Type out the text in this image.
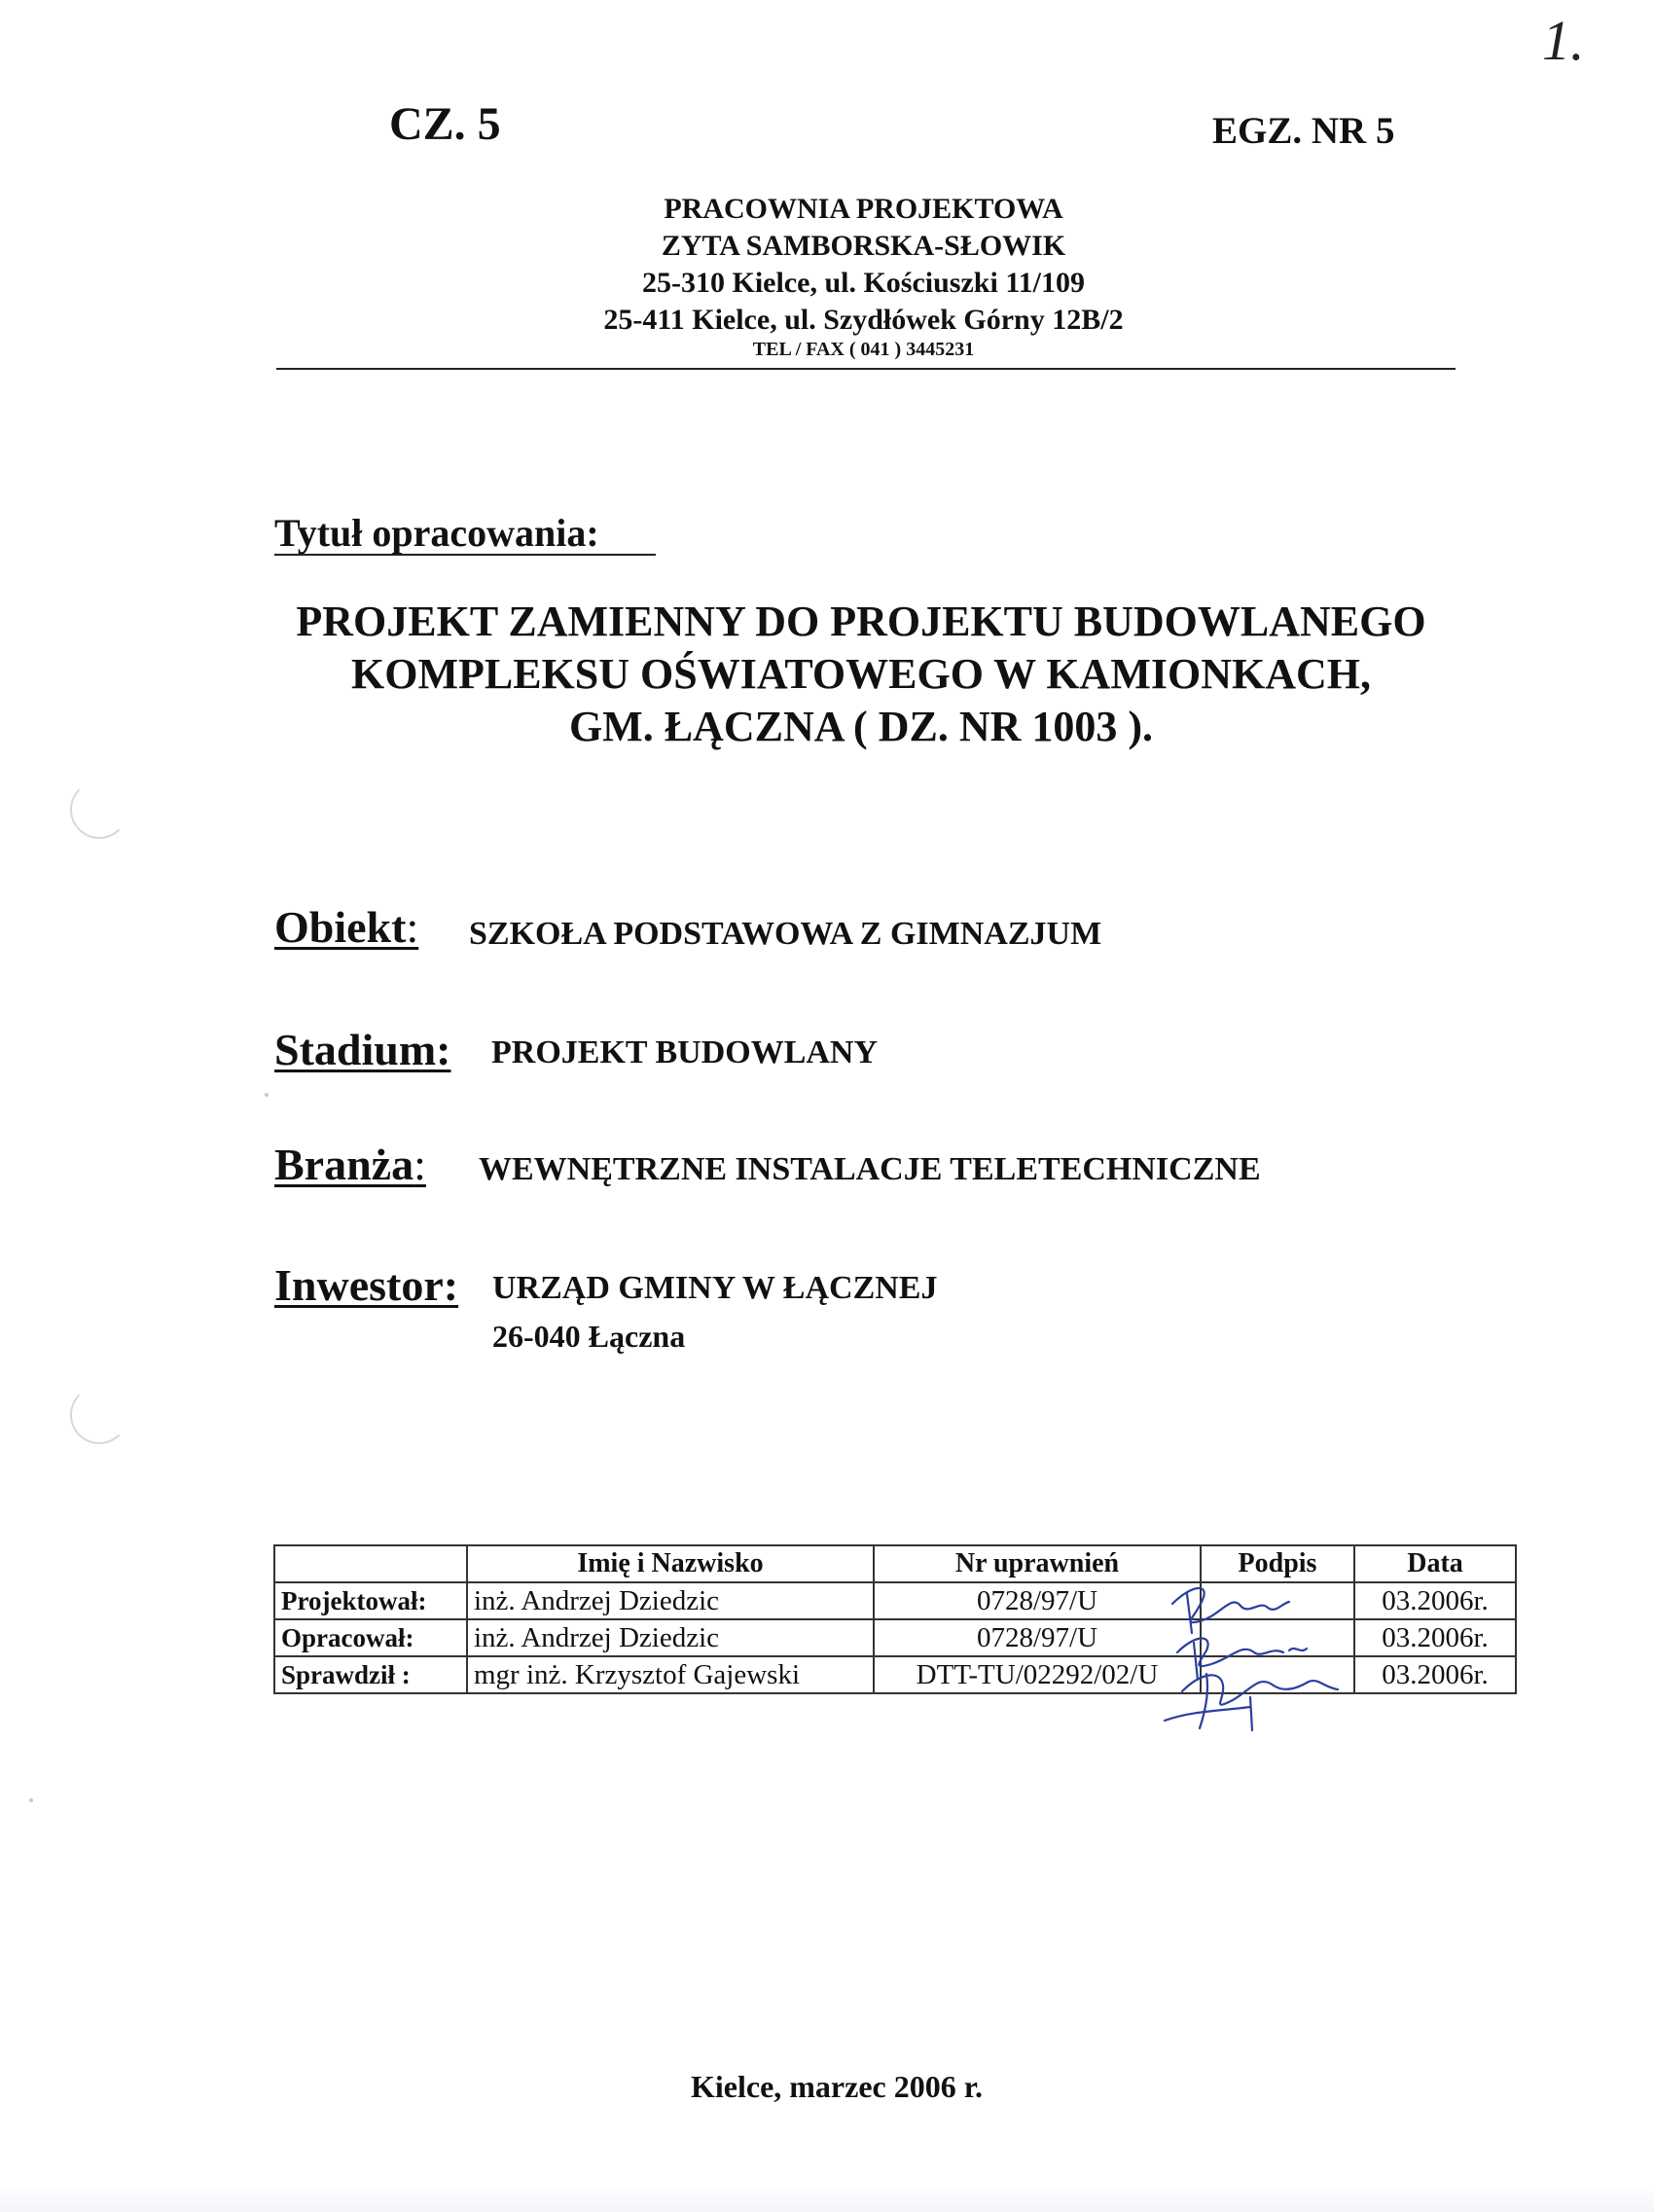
1.
CZ. 5	EGZ. NR 5
PRACOWNIA PROJEKTOWA
ZYTA SAMBORSKA-SŁOWIK
25-310 Kielce, ul. Kościuszki 11/109
25-411 Kielce, ul. Szydłówek Górny 12B/2
TEL / FAX ( 041 ) 3445231
Tytuł opracowania:
PROJEKT ZAMIENNY DO PROJEKTU BUDOWLANEGO
KOMPLEKSU OŚWIATOWEGO W KAMIONKACH,
GM. ŁĄCZNA ( DZ. NR 1003 ).
Obiekt: SZKOŁA PODSTAWOWA Z GIMNAZJUM
Stadium: PROJEKT BUDOWLANY
Branża: WEWNĘTRZNE INSTALACJE TELETECHNICZNE
Inwestor: URZĄD GMINY W ŁĄCZNEJ
26-040 Łączna
	Imię i Nazwisko	Nr uprawnień	Podpis	Data
Projektował:	inż. Andrzej Dziedzic	0728/97/U		03.2006r.
Opracował:	inż. Andrzej Dziedzic	0728/97/U		03.2006r.
Sprawdził :	mgr inż. Krzysztof Gajewski	DTT-TU/02292/02/U		03.2006r.
Kielce, marzec 2006 r.
